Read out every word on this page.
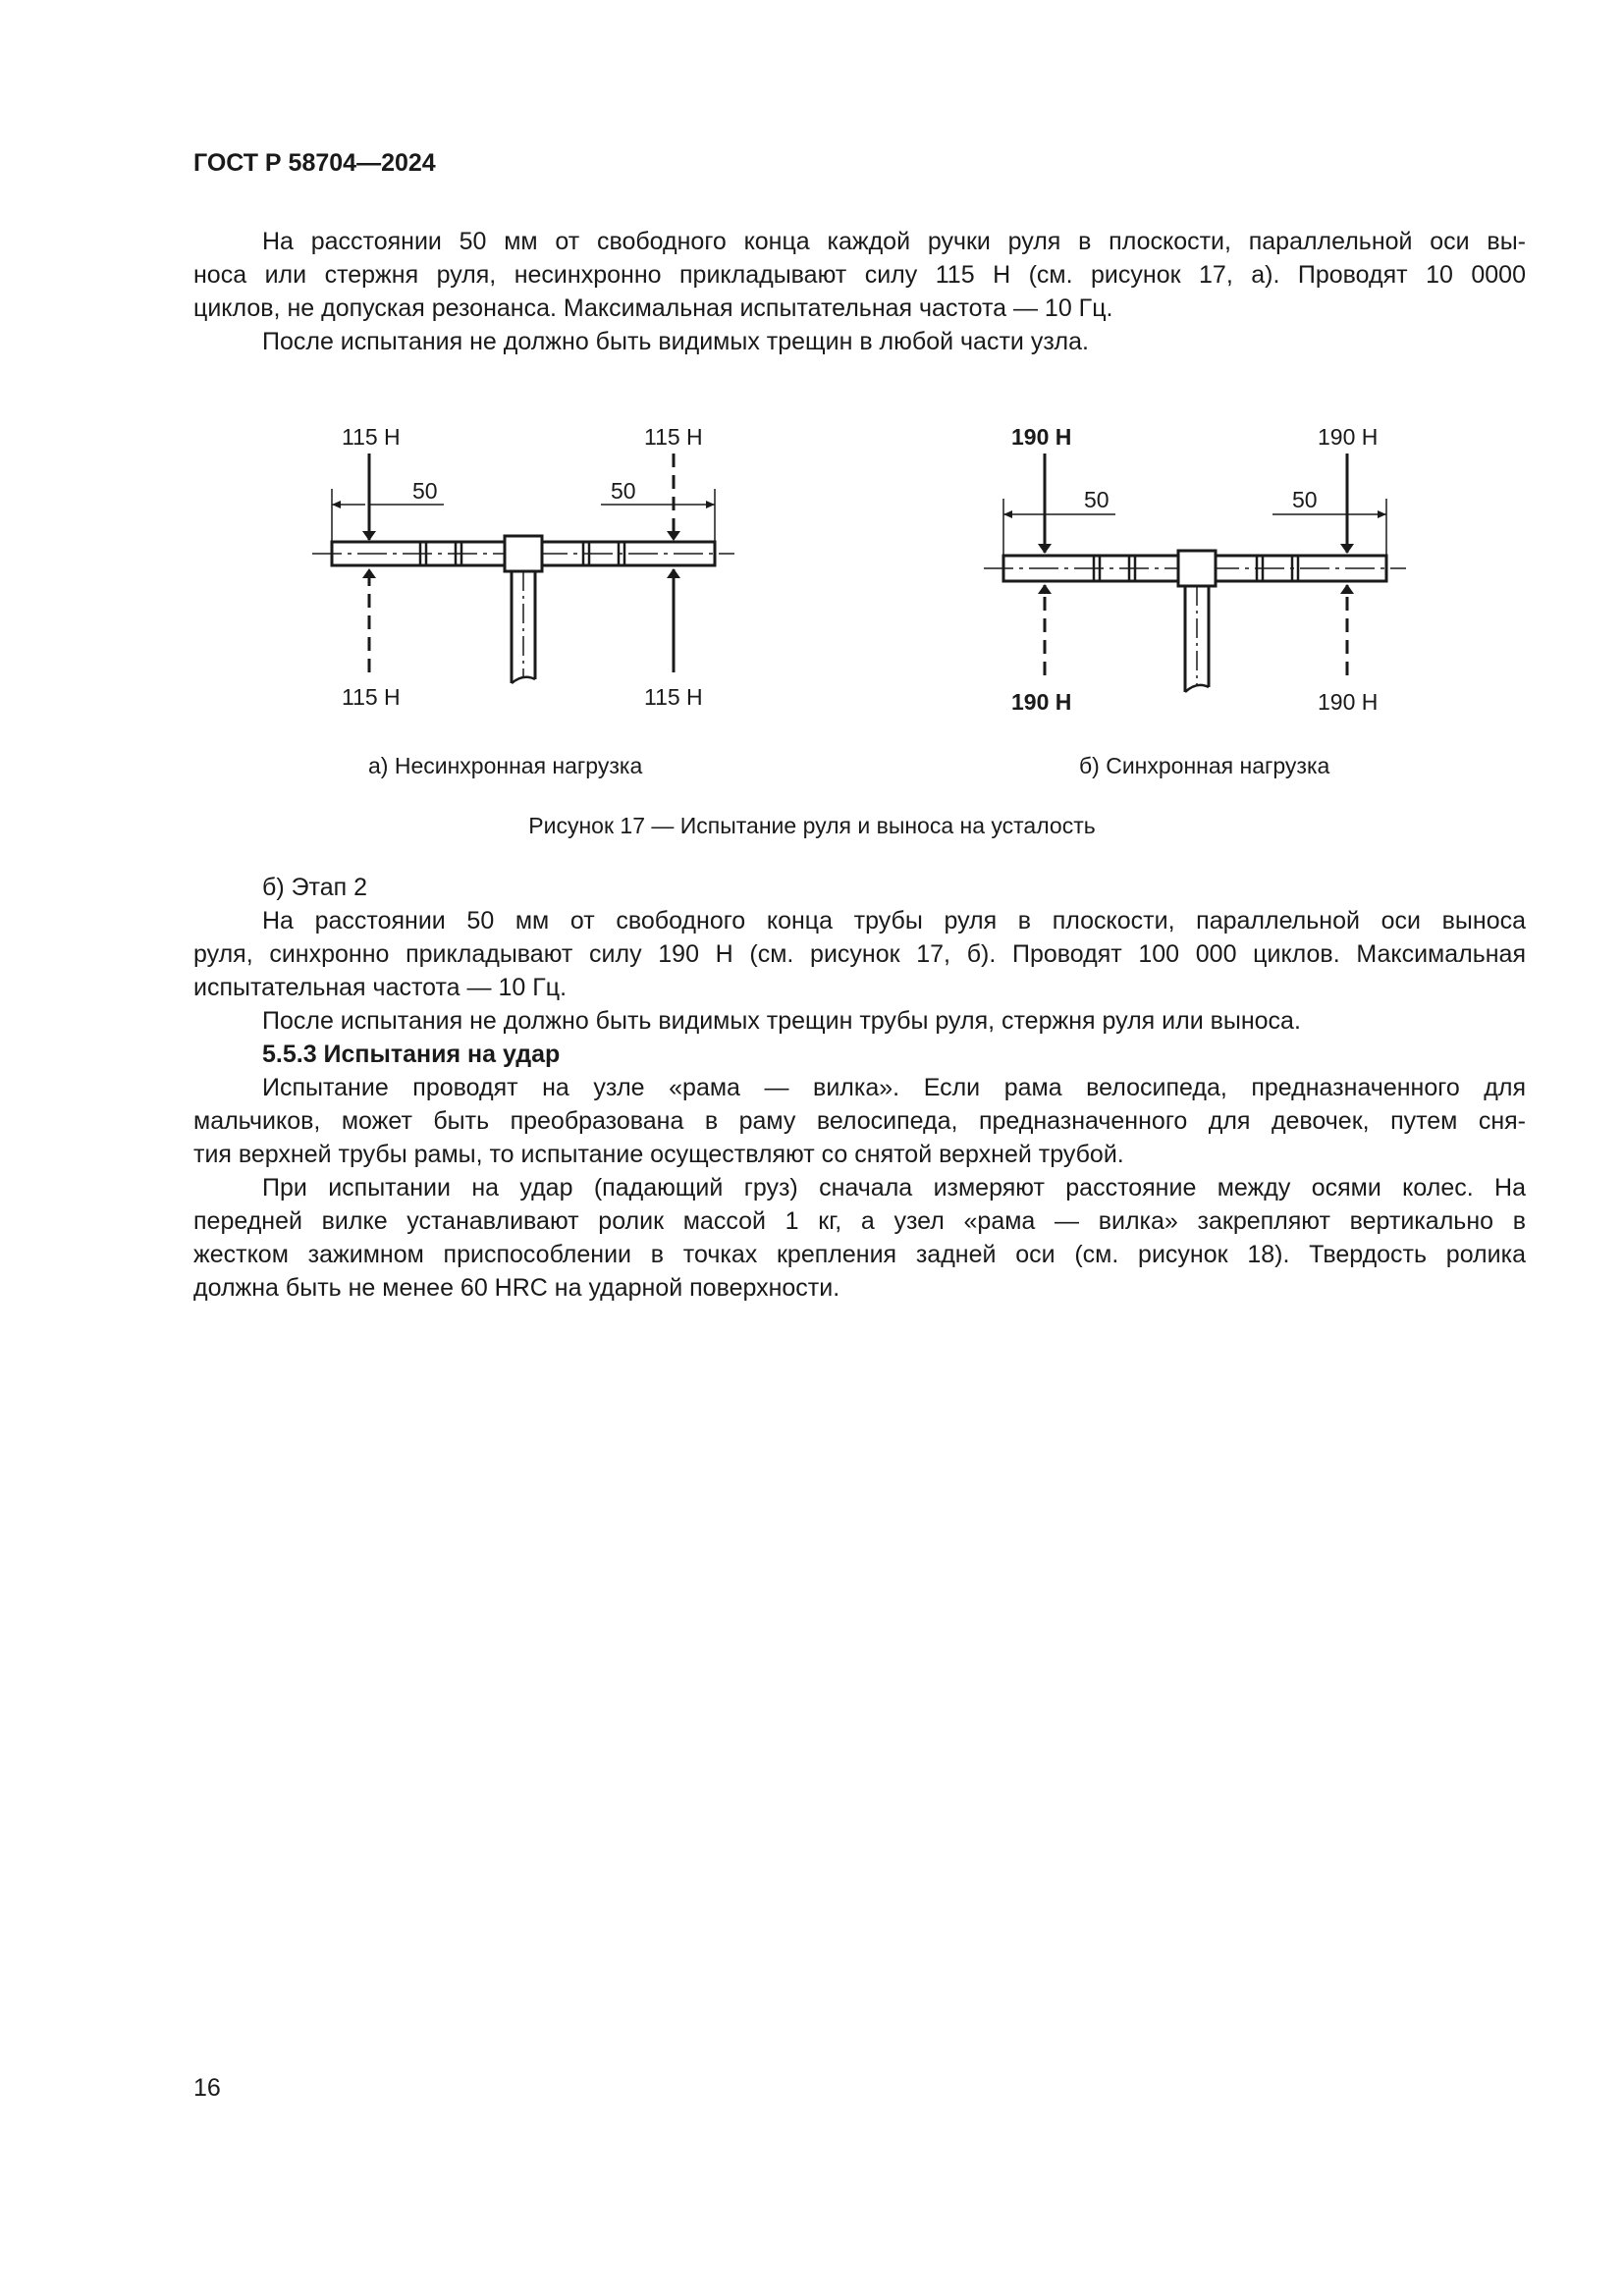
ГОСТ Р 58704—2024
На расстоянии 50 мм от свободного конца каждой ручки руля в плоскости, параллельной оси вы-
носа или стержня руля, несинхронно прикладывают силу 115 Н (см. рисунок 17, а). Проводят 10 0000
циклов, не допуская резонанса. Максимальная испытательная частота — 10 Гц.
После испытания не должно быть видимых трещин в любой части узла.
115 Н	115 Н
115 Н	115 Н
50	50
190 Н	190 Н
190 Н	190 Н
50	50
а) Несинхронная нагрузка	б) Синхронная нагрузка
Рисунок 17 — Испытание руля и выноса на усталость
б) Этап 2
На расстоянии 50 мм от свободного конца трубы руля в плоскости, параллельной оси выноса
руля, синхронно прикладывают силу 190 Н (см. рисунок 17, б). Проводят 100 000 циклов. Максимальная
испытательная частота — 10 Гц.
После испытания не должно быть видимых трещин трубы руля, стержня руля или выноса.
5.5.3 Испытания на удар
Испытание проводят на узле «рама — вилка». Если рама велосипеда, предназначенного для
мальчиков, может быть преобразована в раму велосипеда, предназначенного для девочек, путем сня-
тия верхней трубы рамы, то испытание осуществляют со снятой верхней трубой.
При испытании на удар (падающий груз) сначала измеряют расстояние между осями колес. На
передней вилке устанавливают ролик массой 1 кг, а узел «рама — вилка» закрепляют вертикально в
жестком зажимном приспособлении в точках крепления задней оси (см. рисунок 18). Твердость ролика
должна быть не менее 60 HRC на ударной поверхности.
16
